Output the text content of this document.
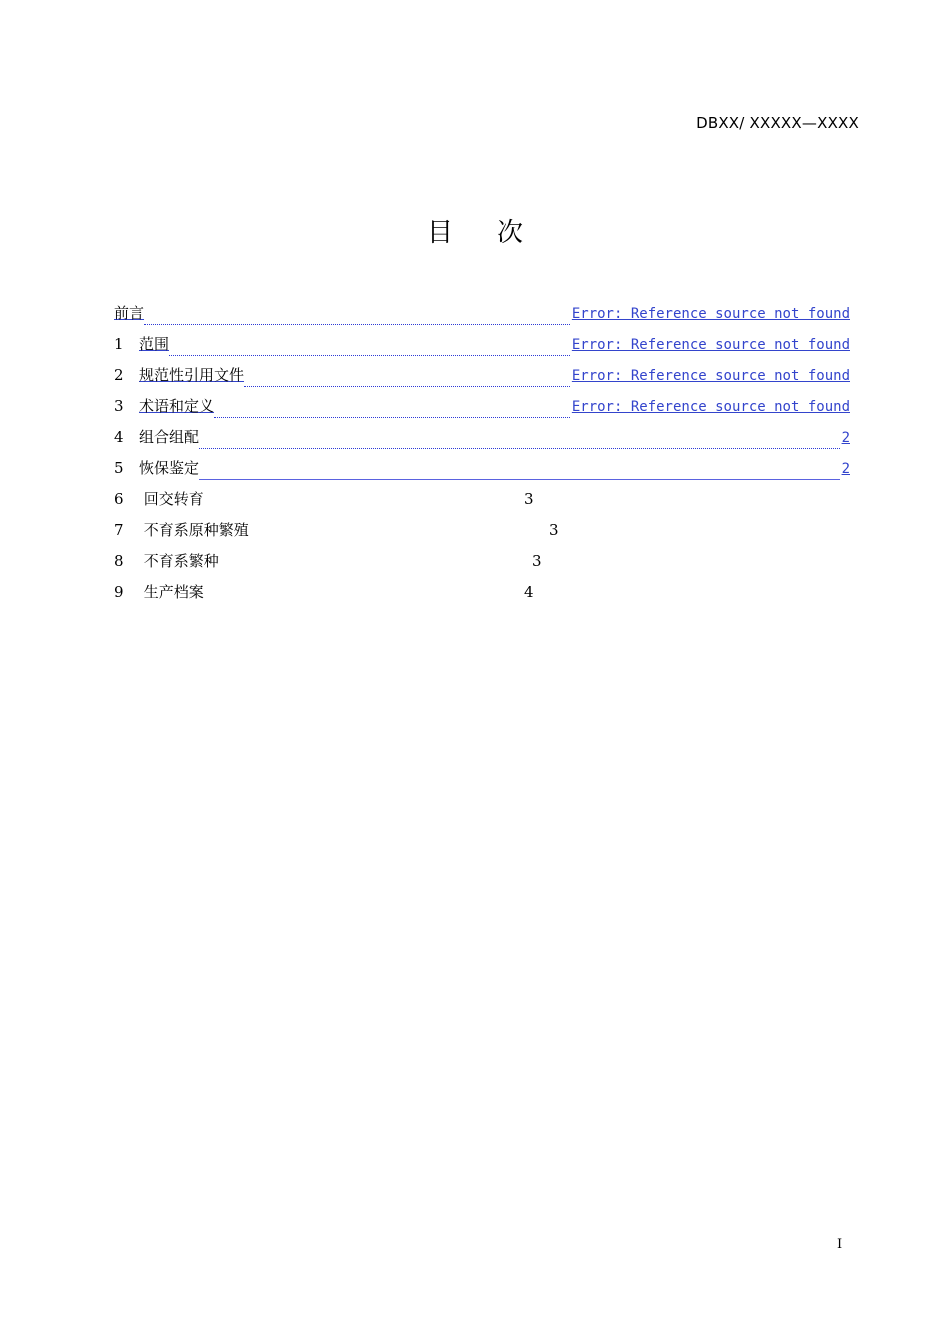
DBXX/ XXXXX—XXXX
目 次
前言	Error: Reference source not found
1	范围	Error: Reference source not found
2	规范性引用文件	Error: Reference source not found
3	术语和定义	Error: Reference source not found
4	组合组配	2
5	恢保鉴定	2
6 回交转育	3
7 不育系原种繁殖	3
8 不育系繁种	3
9 生产档案	4
I
